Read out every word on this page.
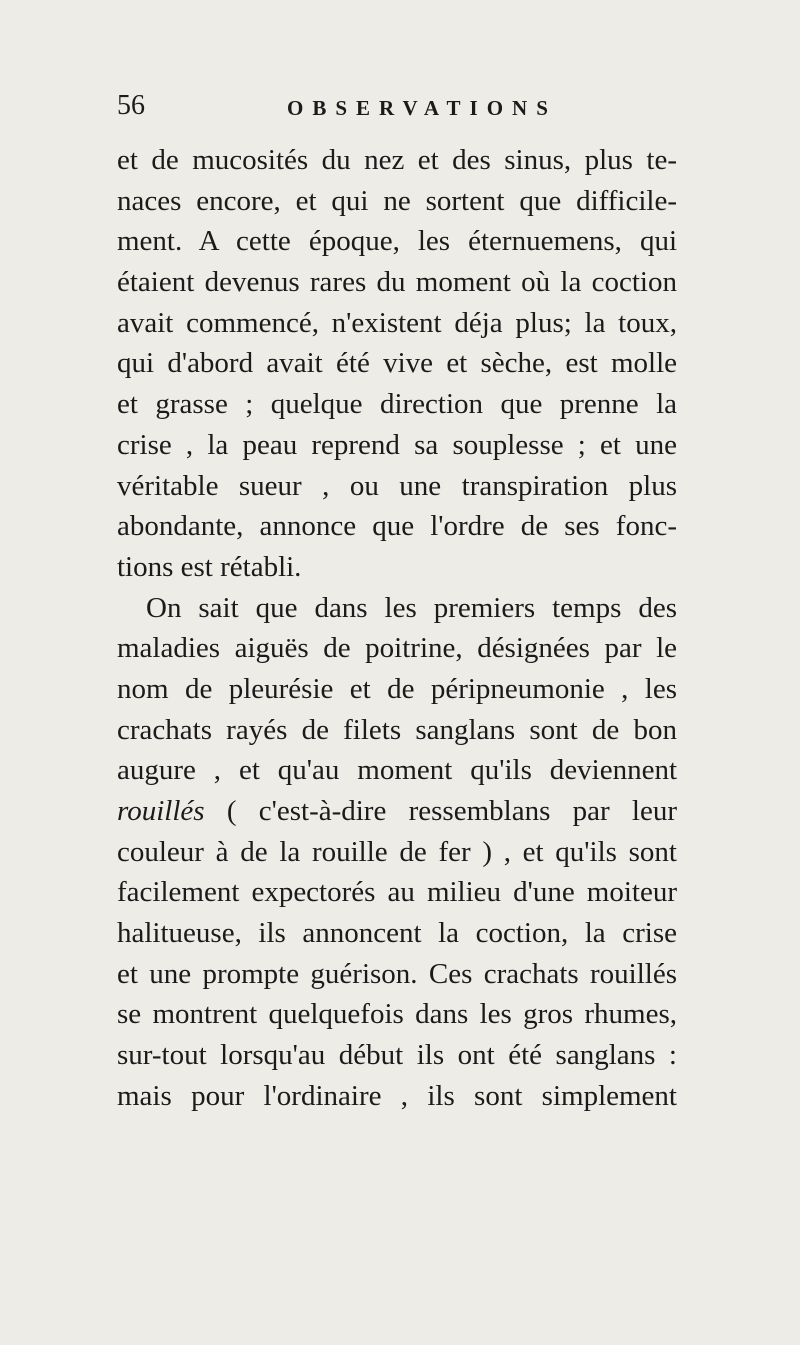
56	OBSERVATIONS
et de mucosités du nez et des sinus, plus te-
naces encore, et qui ne sortent que difficile-
ment. A cette époque, les éternuemens, qui
étaient devenus rares du moment où la coction
avait commencé, n'existent déja plus; la toux,
qui d'abord avait été vive et sèche, est molle
et grasse ; quelque direction que prenne la
crise , la peau reprend sa souplesse ; et une
véritable sueur , ou une transpiration plus
abondante, annonce que l'ordre de ses fonc-
tions est rétabli.
On sait que dans les premiers temps des
maladies aiguës de poitrine, désignées par le
nom de pleurésie et de péripneumonie , les
crachats rayés de filets sanglans sont de bon
augure , et qu'au moment qu'ils deviennent
rouillés ( c'est-à-dire ressemblans par leur
couleur à de la rouille de fer ) , et qu'ils sont
facilement expectorés au milieu d'une moiteur
halitueuse, ils annoncent la coction, la crise
et une prompte guérison. Ces crachats rouillés
se montrent quelquefois dans les gros rhumes,
sur-tout lorsqu'au début ils ont été sanglans :
mais pour l'ordinaire , ils sont simplement
